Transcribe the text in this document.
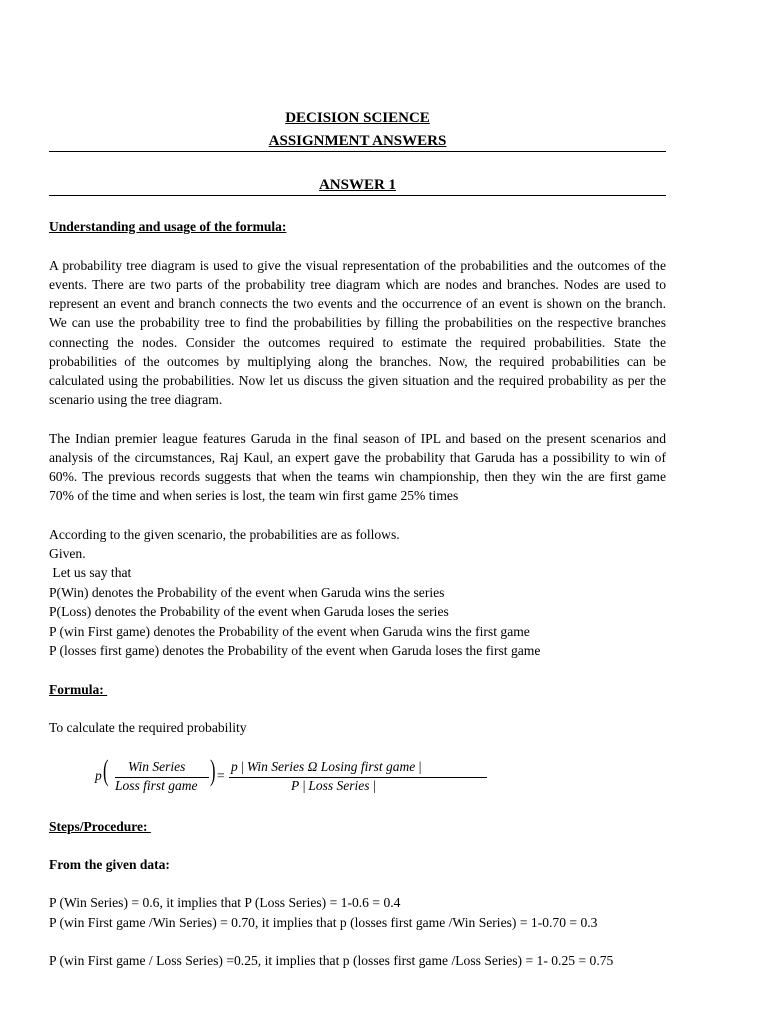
DECISION SCIENCE
ASSIGNMENT ANSWERS
ANSWER 1
Understanding and usage of the formula:
A probability tree diagram is used to give the visual representation of the probabilities and the outcomes of the events. There are two parts of the probability tree diagram which are nodes and branches. Nodes are used to represent an event and branch connects the two events and the occurrence of an event is shown on the branch. We can use the probability tree to find the probabilities by filling the probabilities on the respective branches connecting the nodes. Consider the outcomes required to estimate the required probabilities. State the probabilities of the outcomes by multiplying along the branches. Now, the required probabilities can be calculated using the probabilities. Now let us discuss the given situation and the required probability as per the scenario using the tree diagram.
The Indian premier league features Garuda in the final season of IPL and based on the present scenarios and analysis of the circumstances, Raj Kaul, an expert gave the probability that Garuda has a possibility to win of 60%. The previous records suggests that when the teams win championship, then they win the are first game 70% of the time and when series is lost, the team win first game 25% times
According to the given scenario, the probabilities are as follows.
Given.
Let us say that
P(Win) denotes the Probability of the event when Garuda wins the series
P(Loss) denotes the Probability of the event when Garuda loses the series
P (win First game) denotes the Probability of the event when Garuda wins the first game
P (losses first game) denotes the Probability of the event when Garuda loses the first game
Formula:
To calculate the required probability
p ( Win Series
Loss first game ) =
p | Win Series Ω Losing first game |
P | Loss Series |
Steps/Procedure:
From the given data:
P (Win Series) = 0.6, it implies that P (Loss Series) = 1-0.6 = 0.4
P (win First game /Win Series) = 0.70, it implies that p (losses first game /Win Series) = 1-0.70 = 0.3
P (win First game / Loss Series) =0.25, it implies that p (losses first game /Loss Series) = 1- 0.25 = 0.75
